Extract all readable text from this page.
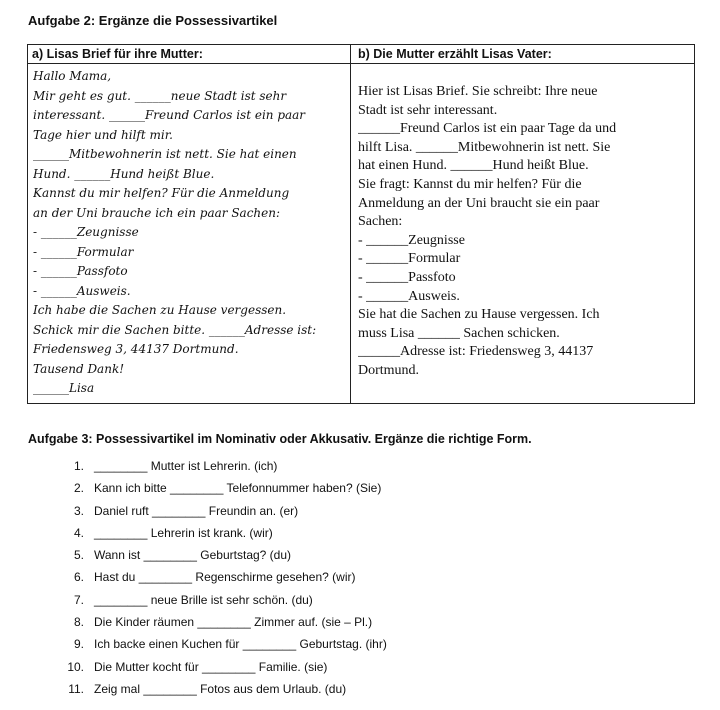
Aufgabe 2: Ergänze die Possessivartikel
a) Lisas Brief für ihre Mutter:	b) Die Mutter erzählt Lisas Vater:
Hallo Mama,
Mir geht es gut. ______neue Stadt ist sehr
interessant. ______Freund Carlos ist ein paar
Tage hier und hilft mir.
______Mitbewohnerin ist nett. Sie hat einen
Hund. ______Hund heißt Blue.
Kannst du mir helfen? Für die Anmeldung
an der Uni brauche ich ein paar Sachen:
- ______Zeugnisse
- ______Formular
- ______Passfoto
- ______Ausweis.
Ich habe die Sachen zu Hause vergessen.
Schick mir die Sachen bitte. ______Adresse ist:
Friedensweg 3, 44137 Dortmund.
Tausend Dank!
______Lisa
Hier ist Lisas Brief. Sie schreibt: Ihre neue
Stadt ist sehr interessant.
______Freund Carlos ist ein paar Tage da und
hilft Lisa. ______Mitbewohnerin ist nett. Sie
hat einen Hund. ______Hund heißt Blue.
Sie fragt: Kannst du mir helfen? Für die
Anmeldung an der Uni braucht sie ein paar
Sachen:
- ______Zeugnisse
- ______Formular
- ______Passfoto
- ______Ausweis.
Sie hat die Sachen zu Hause vergessen. Ich
muss Lisa ______ Sachen schicken.
______Adresse ist: Friedensweg 3, 44137
Dortmund.
Aufgabe 3: Possessivartikel im Nominativ oder Akkusativ. Ergänze die richtige Form.
1. ________ Mutter ist Lehrerin. (ich)
2. Kann ich bitte ________ Telefonnummer haben? (Sie)
3. Daniel ruft ________ Freundin an. (er)
4. ________ Lehrerin ist krank. (wir)
5. Wann ist ________ Geburtstag? (du)
6. Hast du ________ Regenschirme gesehen? (wir)
7. ________ neue Brille ist sehr schön. (du)
8. Die Kinder räumen ________ Zimmer auf. (sie – Pl.)
9. Ich backe einen Kuchen für ________ Geburtstag. (ihr)
10. Die Mutter kocht für ________ Familie. (sie)
11. Zeig mal ________ Fotos aus dem Urlaub. (du)
